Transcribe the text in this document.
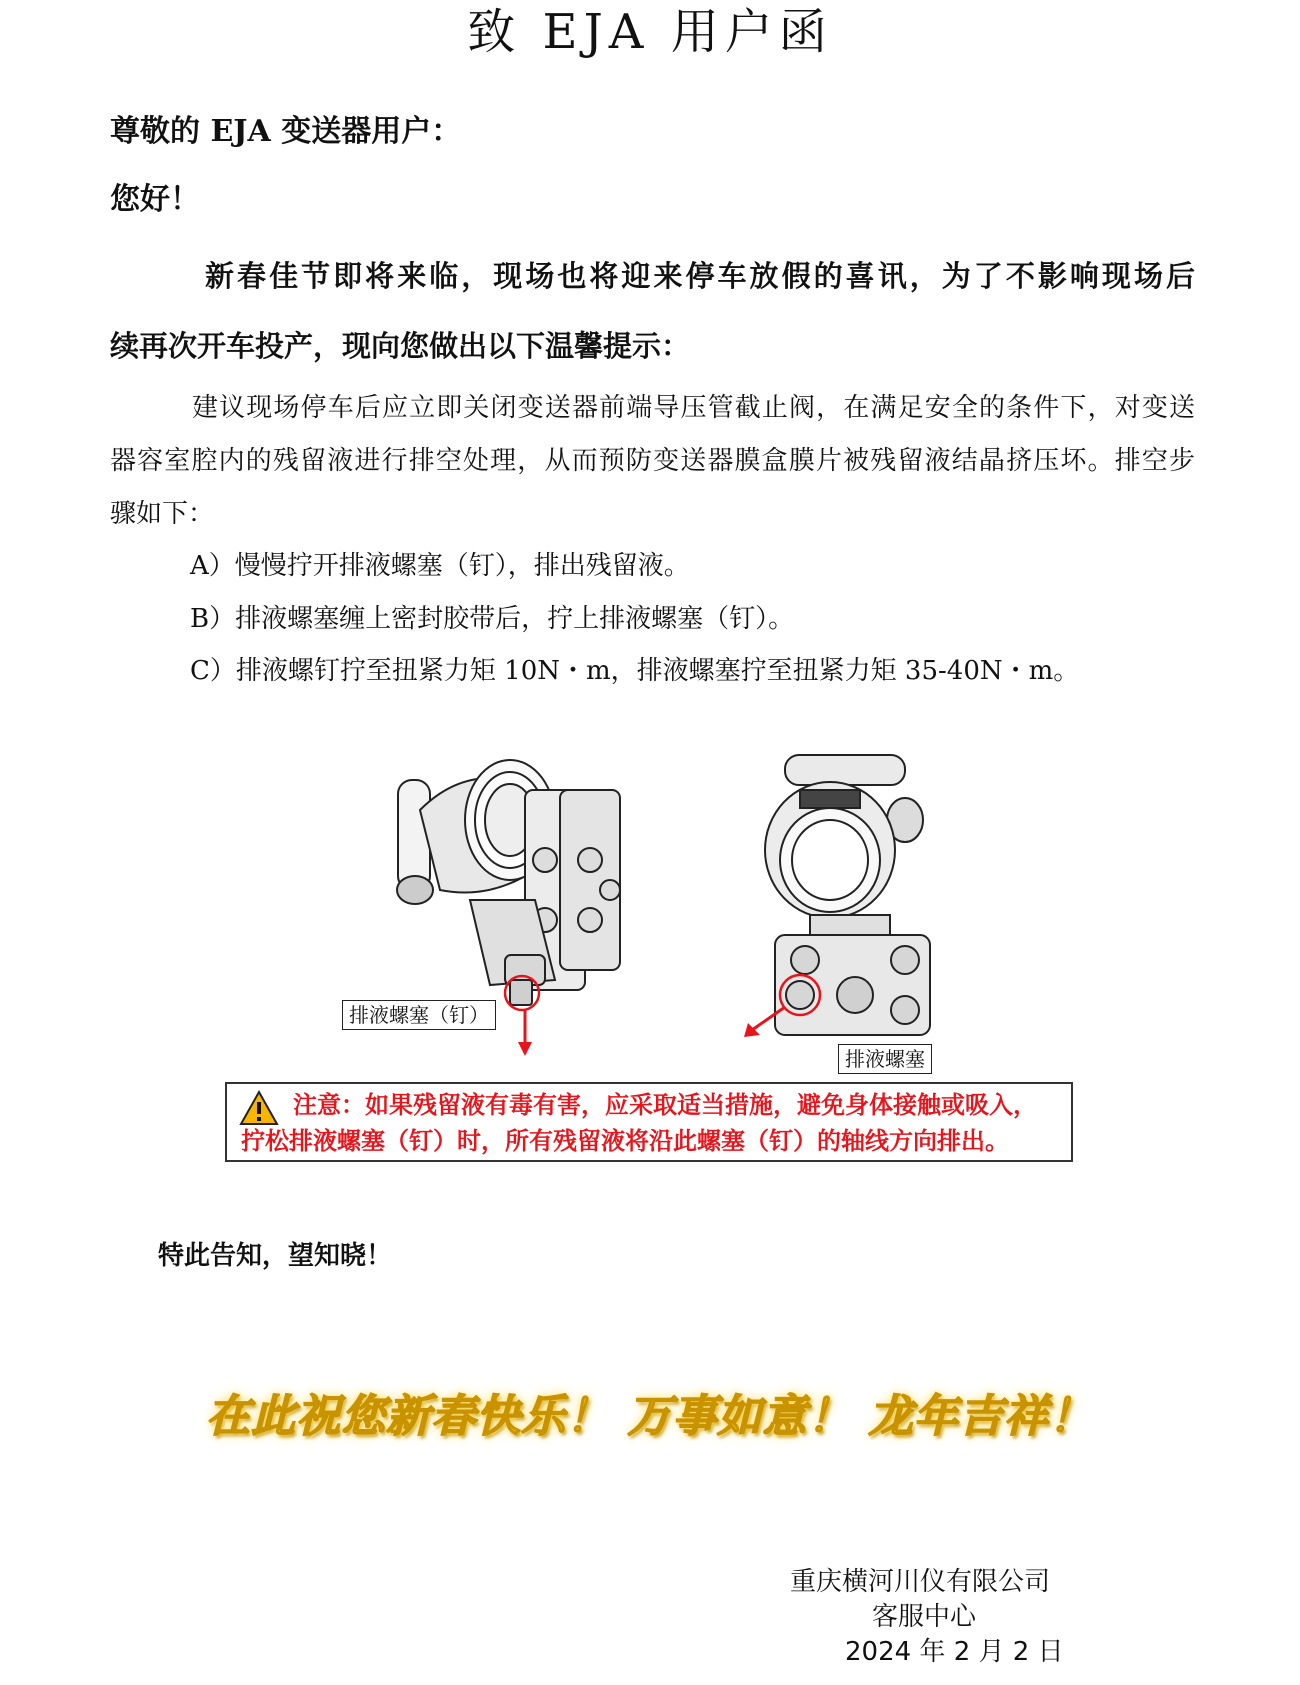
致 EJA 用户函
尊敬的 EJA 变送器用户：
您好！
新春佳节即将来临，现场也将迎来停车放假的喜讯，为了不影响现场后
续再次开车投产，现向您做出以下温馨提示：
建议现场停车后应立即关闭变送器前端导压管截止阀，在满足安全的条件下，对变送
器容室腔内的残留液进行排空处理，从而预防变送器膜盒膜片被残留液结晶挤压坏。排空步
骤如下：
A）慢慢拧开排液螺塞（钉），排出残留液。
B）排液螺塞缠上密封胶带后，拧上排液螺塞（钉）。
C）排液螺钉拧至扭紧力矩 10N・m，排液螺塞拧至扭紧力矩 35-40N・m。
排液螺塞（钉）
排液螺塞
注意：如果残留液有毒有害，应采取适当措施，避免身体接触或吸入，
拧松排液螺塞（钉）时，所有残留液将沿此螺塞（钉）的轴线方向排出。
特此告知，望知晓！
在此祝您新春快乐！ 万事如意！ 龙年吉祥！
重庆横河川仪有限公司
客服中心
2024 年 2 月 2 日
